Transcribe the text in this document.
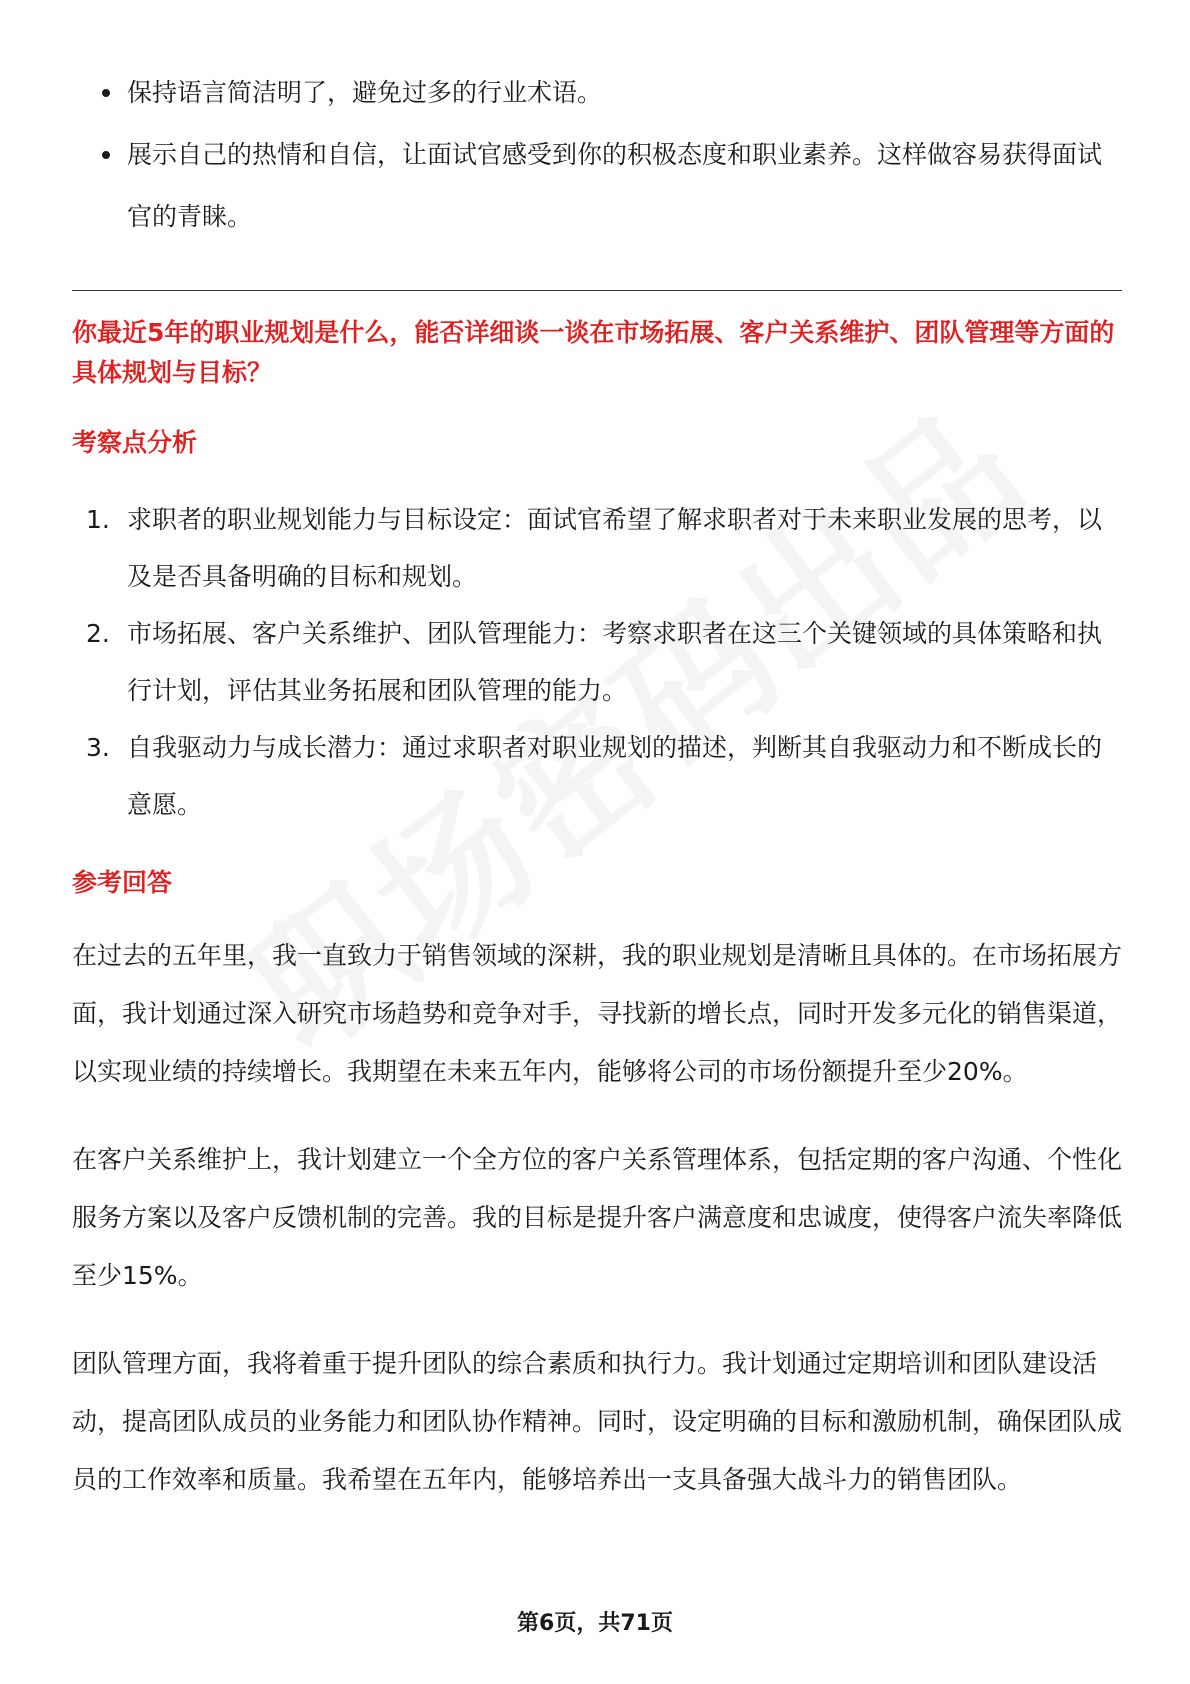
保持语言简洁明了，避免过多的行业术语。
展示自己的热情和自信，让面试官感受到你的积极态度和职业素养。这样做容易获得面试官的青睐。

你最近5年的职业规划是什么，能否详细谈一谈在市场拓展、客户关系维护、团队管理等方面的具体规划与目标？

考察点分析

1. 求职者的职业规划能力与目标设定：面试官希望了解求职者对于未来职业发展的思考，以及是否具备明确的目标和规划。
2. 市场拓展、客户关系维护、团队管理能力：考察求职者在这三个关键领域的具体策略和执行计划，评估其业务拓展和团队管理的能力。
3. 自我驱动力与成长潜力：通过求职者对职业规划的描述，判断其自我驱动力和不断成长的意愿。

参考回答

在过去的五年里，我一直致力于销售领域的深耕，我的职业规划是清晰且具体的。在市场拓展方面，我计划通过深入研究市场趋势和竞争对手，寻找新的增长点，同时开发多元化的销售渠道，以实现业绩的持续增长。我期望在未来五年内，能够将公司的市场份额提升至少20%。

在客户关系维护上，我计划建立一个全方位的客户关系管理体系，包括定期的客户沟通、个性化服务方案以及客户反馈机制的完善。我的目标是提升客户满意度和忠诚度，使得客户流失率降低至少15%。

团队管理方面，我将着重于提升团队的综合素质和执行力。我计划通过定期培训和团队建设活动，提高团队成员的业务能力和团队协作精神。同时，设定明确的目标和激励机制，确保团队成员的工作效率和质量。我希望在五年内，能够培养出一支具备强大战斗力的销售团队。

第6页，共71页
